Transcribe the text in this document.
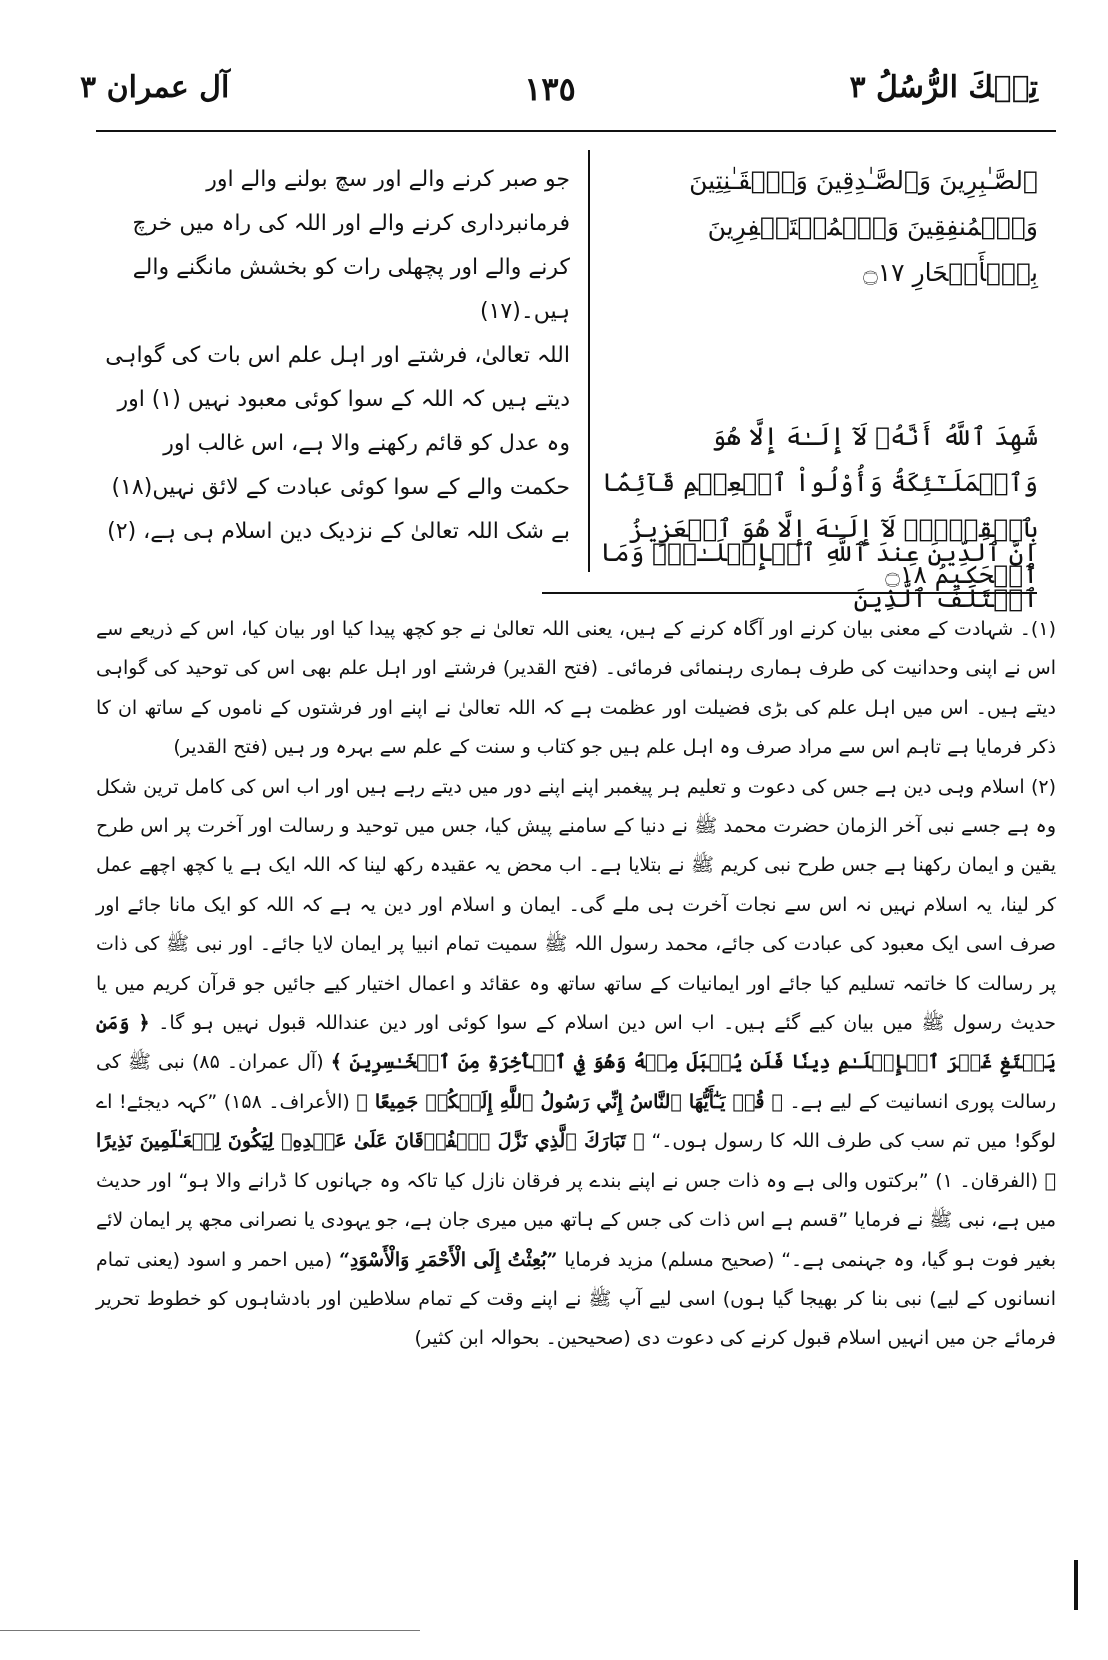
تِلۡكَ الرُّسُلُ ۳
١٣٥
آل عمران ۳
ٱلصَّـٰبِرِينَ وَٱلصَّـٰدِقِينَ وَٱلۡقَـٰنِتِينَ وَٱلۡمُنفِقِينَ وَٱلۡمُسۡتَغۡفِرِينَ بِٱلۡأَسۡحَارِ ۝١٧
شَهِدَ ٱللَّهُ أَنَّهُۥ لَآ إِلَـٰهَ إِلَّا هُوَ وَٱلۡمَلَـٰٓئِكَةُ وَأُوْلُواْ ٱلۡعِلۡمِ قَآئِمَۢا بِٱلۡقِسۡطِۚ لَآ إِلَـٰهَ إِلَّا هُوَ ٱلۡعَزِيزُ ٱلۡحَكِيمُ ۝١٨
إِنَّ ٱلدِّينَ عِندَ ٱللَّهِ ٱلۡإِسۡلَـٰمُۗ وَمَا ٱخۡتَلَفَ ٱلَّذِينَ

جو صبر کرنے والے اور سچ بولنے والے اور فرمانبرداری کرنے والے اور اللہ کی راہ میں خرچ کرنے والے اور پچھلی رات کو بخشش مانگنے والے ہیں۔(۱۷)

اللہ تعالیٰ، فرشتے اور اہل علم اس بات کی گواہی دیتے ہیں کہ اللہ کے سوا کوئی معبود نہیں (۱) اور وہ عدل کو قائم رکھنے والا ہے، اس غالب اور حکمت والے کے سوا کوئی عبادت کے لائق نہیں(۱۸)

بے شک اللہ تعالیٰ کے نزدیک دین اسلام ہی ہے، (۲)

(۱)۔ شہادت کے معنی بیان کرنے اور آگاہ کرنے کے ہیں، یعنی اللہ تعالیٰ نے جو کچھ پیدا کیا اور بیان کیا، اس کے ذریعے سے اس نے اپنی وحدانیت کی طرف ہماری رہنمائی فرمائی۔ (فتح القدیر) فرشتے اور اہل علم بھی اس کی توحید کی گواہی دیتے ہیں۔ اس میں اہل علم کی بڑی فضیلت اور عظمت ہے کہ اللہ تعالیٰ نے اپنے اور فرشتوں کے ناموں کے ساتھ ان کا ذکر فرمایا ہے تاہم اس سے مراد صرف وہ اہل علم ہیں جو کتاب و سنت کے علم سے بہرہ ور ہیں (فتح القدیر)

(۲) اسلام وہی دین ہے جس کی دعوت و تعلیم ہر پیغمبر اپنے اپنے دور میں دیتے رہے ہیں اور اب اس کی کامل ترین شکل وہ ہے جسے نبی آخر الزمان حضرت محمد ﷺ نے دنیا کے سامنے پیش کیا، جس میں توحید و رسالت اور آخرت پر اس طرح یقین و ایمان رکھنا ہے جس طرح نبی کریم ﷺ نے بتلایا ہے۔ اب محض یہ عقیدہ رکھ لینا کہ اللہ ایک ہے یا کچھ اچھے عمل کر لینا، یہ اسلام نہیں نہ اس سے نجات آخرت ہی ملے گی۔ ایمان و اسلام اور دین یہ ہے کہ اللہ کو ایک مانا جائے اور صرف اسی ایک معبود کی عبادت کی جائے، محمد رسول اللہ ﷺ سمیت تمام انبیا پر ایمان لایا جائے۔ اور نبی ﷺ کی ذات پر رسالت کا خاتمہ تسلیم کیا جائے اور ایمانیات کے ساتھ ساتھ وہ عقائد و اعمال اختیار کیے جائیں جو قرآن کریم میں یا حدیث رسول ﷺ میں بیان کیے گئے ہیں۔ اب اس دین اسلام کے سوا کوئی اور دین عنداللہ قبول نہیں ہو گا۔ ﴿ وَمَن يَبۡتَغِ غَيۡرَ ٱلۡإِسۡلَـٰمِ دِينٗا فَلَن يُقۡبَلَ مِنۡهُ وَهُوَ فِي ٱلۡأٓخِرَةِ مِنَ ٱلۡخَـٰسِرِينَ ﴾ (آل عمران۔ ۸۵) نبی ﷺ کی رسالت پوری انسانیت کے لیے ہے۔ ﴿ قُلۡ يَـٰٓأَيُّهَا ٱلنَّاسُ إِنِّي رَسُولُ ٱللَّهِ إِلَيۡكُمۡ جَمِيعًا ﴾ (الأعراف۔ ۱۵۸) ”کہہ دیجئے! اے لوگو! میں تم سب کی طرف اللہ کا رسول ہوں۔“ ﴿ تَبَارَكَ ٱلَّذِي نَزَّلَ ٱلۡفُرۡقَانَ عَلَىٰ عَبۡدِهِۦ لِيَكُونَ لِلۡعَـٰلَمِينَ نَذِيرًا ﴾ (الفرقان۔ ۱) ”برکتوں والی ہے وہ ذات جس نے اپنے بندے پر فرقان نازل کیا تاکہ وہ جہانوں کا ڈرانے والا ہو“ اور حدیث میں ہے، نبی ﷺ نے فرمایا ”قسم ہے اس ذات کی جس کے ہاتھ میں میری جان ہے، جو یہودی یا نصرانی مجھ پر ایمان لائے بغیر فوت ہو گیا، وہ جہنمی ہے۔“ (صحیح مسلم) مزید فرمایا ”بُعِثْتُ إِلَى الْأَحْمَرِ وَالْأَسْوَدِ“ (میں احمر و اسود (یعنی تمام انسانوں کے لیے) نبی بنا کر بھیجا گیا ہوں) اسی لیے آپ ﷺ نے اپنے وقت کے تمام سلاطین اور بادشاہوں کو خطوط تحریر فرمائے جن میں انہیں اسلام قبول کرنے کی دعوت دی (صحیحین۔ بحوالہ ابن کثیر)
